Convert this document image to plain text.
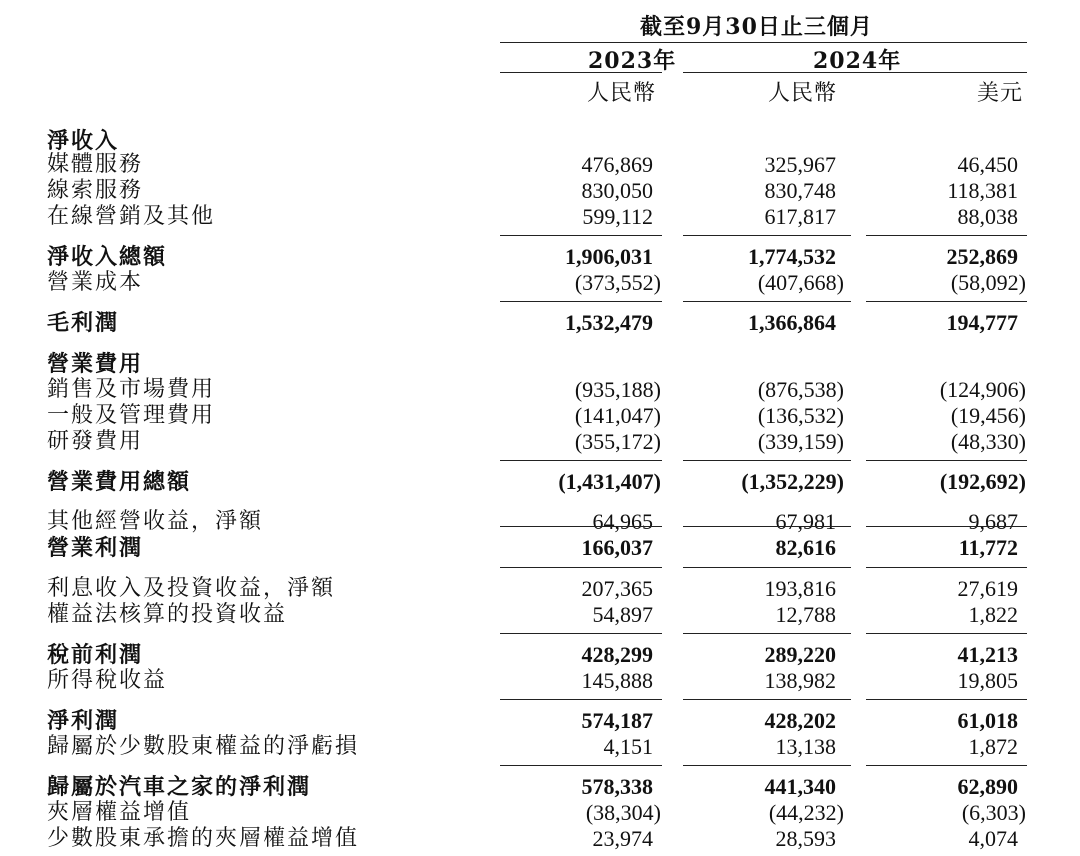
截至9月30日止三個月
2023年	2024年
人民幣	人民幣	美元
淨收入
媒體服務	476,869	325,967	46,450
線索服務	830,050	830,748	118,381
在線營銷及其他	599,112	617,817	88,038
淨收入總額	1,906,031	1,774,532	252,869
營業成本	(373,552)	(407,668)	(58,092)
毛利潤	1,532,479	1,366,864	194,777
營業費用
銷售及市場費用	(935,188)	(876,538)	(124,906)
一般及管理費用	(141,047)	(136,532)	(19,456)
研發費用	(355,172)	(339,159)	(48,330)
營業費用總額	(1,431,407)	(1,352,229)	(192,692)
其他經營收益，淨額	64,965	67,981	9,687
營業利潤	166,037	82,616	11,772
利息收入及投資收益，淨額	207,365	193,816	27,619
權益法核算的投資收益	54,897	12,788	1,822
稅前利潤	428,299	289,220	41,213
所得稅收益	145,888	138,982	19,805
淨利潤	574,187	428,202	61,018
歸屬於少數股東權益的淨虧損	4,151	13,138	1,872
歸屬於汽車之家的淨利潤	578,338	441,340	62,890
夾層權益增值	(38,304)	(44,232)	(6,303)
少數股東承擔的夾層權益增值	23,974	28,593	4,074
